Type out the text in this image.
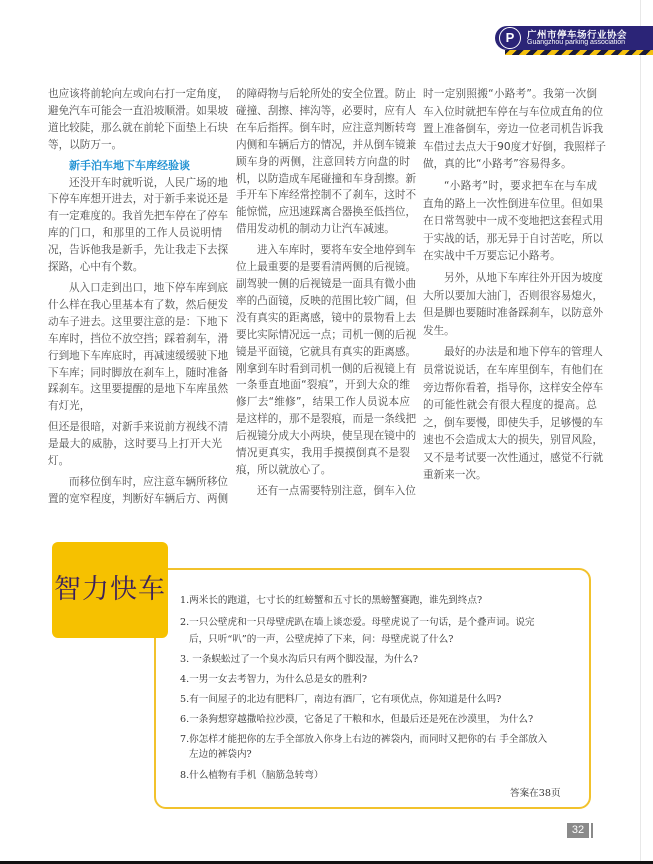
P	广州市停车场行业协会
Guangzhou parking association
也应该将前轮向左或向右打一定角度，
避免汽车可能会一直沿坡顺滑。如果坡
道比较陡，那么就在前轮下面垫上石块
等，以防万一。
新手泊车地下车库经验谈
还没开车时就听说，人民广场的地
下停车库想开进去，对于新手来说还是
有一定难度的。我首先把车停在了停车
库的门口，和那里的工作人员说明情
况，告诉他我是新手，先让我走下去探
探路，心中有个数。
从入口走到出口，地下停车库到底
什么样在我心里基本有了数，然后便发
动车子进去。这里要注意的是：下地下
车库时，挡位不放空挡；踩着刹车，滑
行到地下车库底时，再减速缓缓驶下地
下车库；同时脚放在刹车上，随时准备
踩刹车。这里要提醒的是地下车库虽然
有灯光，
但还是很暗，对新手来说前方视线不清
是最大的威胁，这时要马上打开大光
灯。
而移位倒车时，应注意车辆所移位
置的宽窄程度，判断好车辆后方、两侧
的障碍物与后轮所处的安全位置。防止
碰撞、刮擦、摔沟等，必要时，应有人
在车后指挥。倒车时，应注意判断转弯
内侧和车辆后方的情况，并从倒车镜兼
顾车身的两侧，注意回转方向盘的时
机，以防造成车尾碰撞和车身刮擦。新
手开车下库经常控制不了刹车，这时不
能惊慌，应迅速踩离合器换至低挡位，
借用发动机的制动力让汽车减速。
进入车库时，要将车安全地停到车
位上最重要的是要看清两侧的后视镜。
副驾驶一侧的后视镜是一面具有微小曲
率的凸面镜，反映的范围比较广阔，但
没有真实的距离感，镜中的景物看上去
要比实际情况远一点；司机一侧的后视
镜是平面镜，它就具有真实的距离感。
刚拿到车时看到司机一侧的后视镜上有
一条垂直地面“裂痕”，开到大众的维
修厂去“维修”，结果工作人员说本应
是这样的，那不是裂痕，而是一条线把
后视镜分成大小两块，使呈现在镜中的
情况更真实，我用手摸摸倒真不是裂
痕，所以就放心了。
还有一点需要特别注意，倒车入位
时一定别照搬“小路考”。我第一次倒
车入位时就把车停在与车位成直角的位
置上准备倒车，旁边一位老司机告诉我
车借过去点大于90度才好倒，我照样子
做，真的比“小路考”容易得多。
“小路考”时，要求把车在与车成
直角的路上一次性倒进车位里。但如果
在日常驾驶中一成不变地把这套程式用
于实战的话，那无异于自讨苦吃，所以
在实战中千万要忘记小路考。
另外，从地下车库往外开因为坡度
大所以要加大油门，否则很容易熄火，
但是脚也要随时准备踩刹车，以防意外
发生。
最好的办法是和地下停车的管理人
员常说说话，在车库里倒车，有他们在
旁边帮你看着，指导你，这样安全停车
的可能性就会有很大程度的提高。总
之，倒车要慢，即使失手，足够慢的车
速也不会造成太大的损失，别冒风险，
又不是考试要一次性通过，感觉不行就
重新来一次。
智力快车 1.两米长的跑道，七寸长的红螃蟹和五寸长的黑螃蟹赛跑，谁先到终点?
2.一只公壁虎和一只母壁虎趴在墙上谈恋爱。母壁虎说了一句话，是个叠声词。说完
后，只听“叭”的一声，公壁虎掉了下来，问：母壁虎说了什么?
3. 一条蜈蚣过了一个臭水沟后只有两个脚没湿，为什么?
4.一男一女去考智力，为什么总是女的胜利?
5.有一间屋子的北边有肥料厂，南边有酒厂，它有项优点，你知道是什么吗?
6.一条狗想穿越撒哈拉沙漠，它备足了干粮和水，但最后还是死在沙漠里， 为什么?
7.你怎样才能把你的左手全部放入你身上右边的裤袋内，而同时又把你的右 手全部放入
左边的裤袋内?
8.什么植物有手机（脑筋急转弯）
答案在38页
32
